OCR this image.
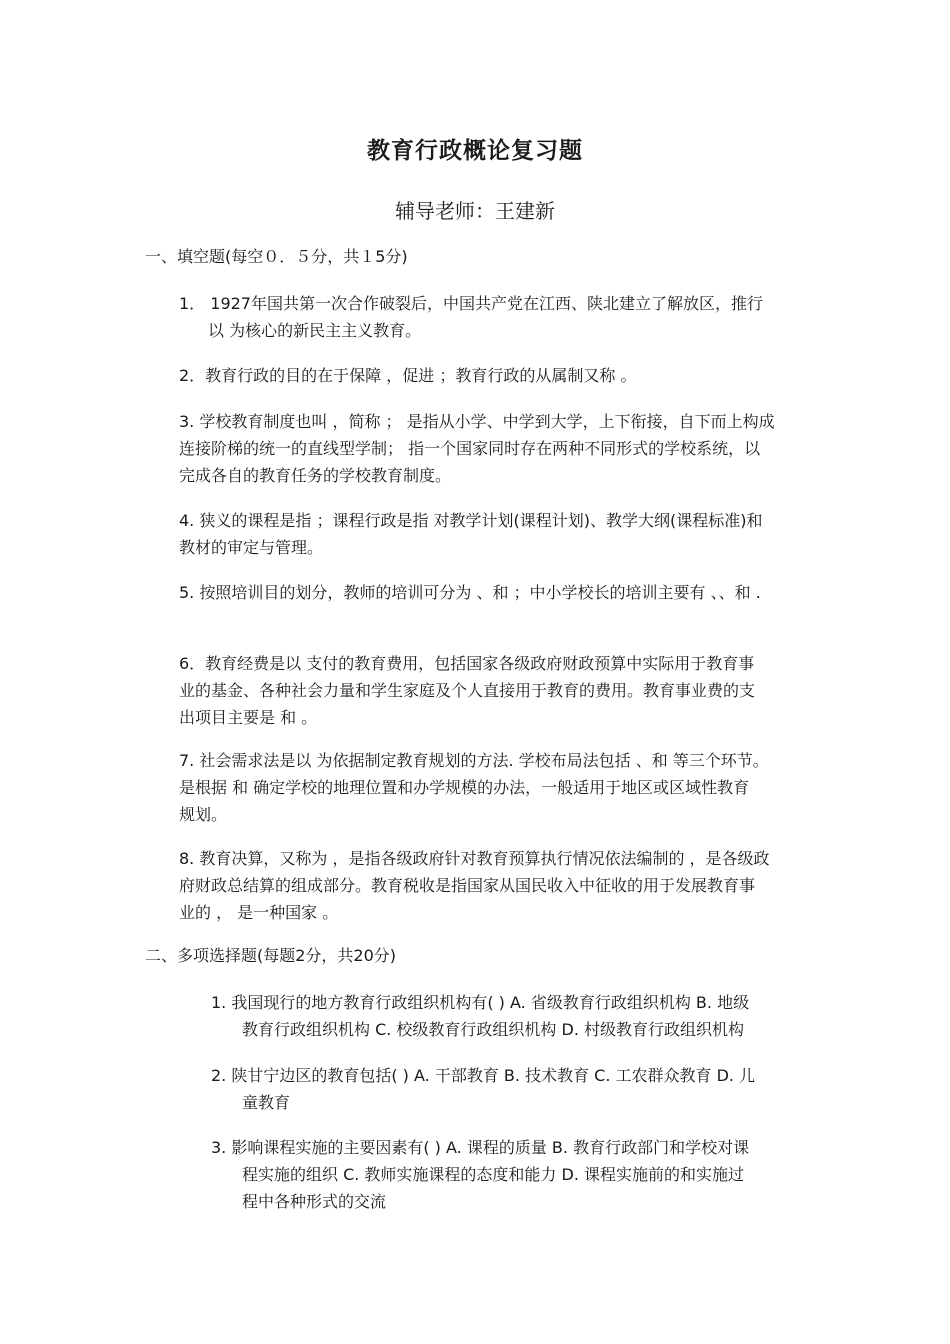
教育行政概论复习题
辅导老师：王建新
一、填空题(每空０．５分，共１5分)
1． 1927年国共第一次合作破裂后，中国共产党在江西、陕北建立了解放区，推行
以 为核心的新民主主义教育。
2．教育行政的目的在于保障 ，促进 ；教育行政的从属制又称 。
3. 学校教育制度也叫 ，简称 ； 是指从小学、中学到大学，上下衔接，自下而上构成
连接阶梯的统一的直线型学制； 指一个国家同时存在两种不同形式的学校系统，以
完成各自的教育任务的学校教育制度。
4. 狭义的课程是指 ；课程行政是指 对教学计划(课程计划)、教学大纲(课程标准)和
教材的审定与管理。
5. 按照培训目的划分，教师的培训可分为 、和 ；中小学校长的培训主要有 、、和 .
6．教育经费是以 支付的教育费用，包括国家各级政府财政预算中实际用于教育事
业的基金、各种社会力量和学生家庭及个人直接用于教育的费用。教育事业费的支
出项目主要是 和 。
7. 社会需求法是以 为依据制定教育规划的方法. 学校布局法包括 、和 等三个环节。
是根据 和 确定学校的地理位置和办学规模的办法，一般适用于地区或区域性教育
规划。
8. 教育决算，又称为 ，是指各级政府针对教育预算执行情况依法编制的 ，是各级政
府财政总结算的组成部分。教育税收是指国家从国民收入中征收的用于发展教育事
业的 ， 是一种国家 。
二、多项选择题(每题2分，共20分)
1. 我国现行的地方教育行政组织机构有( ) A. 省级教育行政组织机构 B. 地级
教育行政组织机构 C. 校级教育行政组织机构 D. 村级教育行政组织机构
2. 陕甘宁边区的教育包括( ) A. 干部教育 B. 技术教育 C. 工农群众教育 D. 儿
童教育
3. 影响课程实施的主要因素有( ) A. 课程的质量 B. 教育行政部门和学校对课
程实施的组织 C. 教师实施课程的态度和能力 D. 课程实施前的和实施过
程中各种形式的交流
